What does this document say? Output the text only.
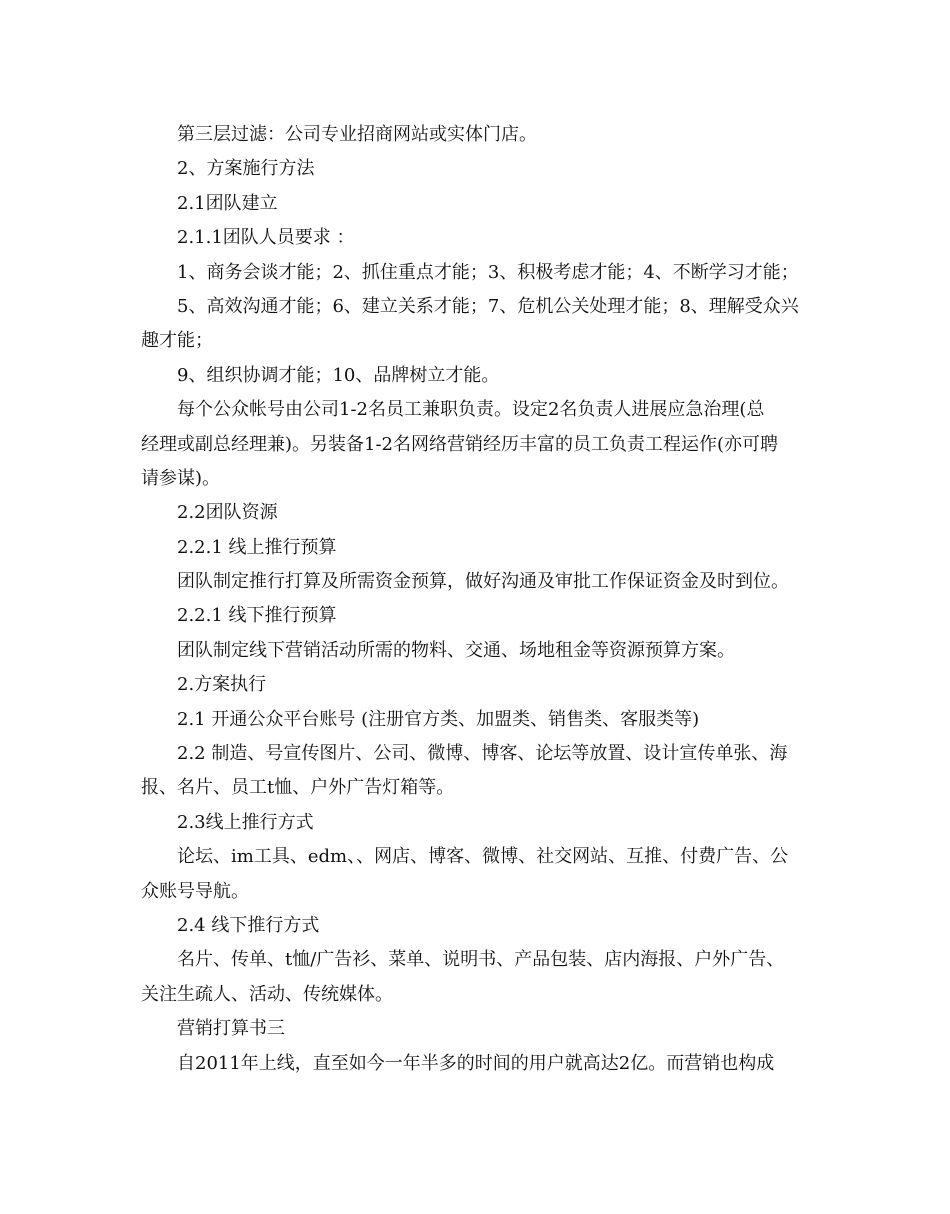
第三层过滤：公司专业招商网站或实体门店。
2、方案施行方法
2.1团队建立
2.1.1团队人员要求 ：
1、商务会谈才能；2、抓住重点才能；3、积极考虑才能；4、不断学习才能；
5、高效沟通才能；6、建立关系才能；7、危机公关处理才能；8、理解受众兴
趣才能；
9、组织协调才能；10、品牌树立才能。
每个公众帐号由公司1-2名员工兼职负责。设定2名负责人进展应急治理(总
经理或副总经理兼)。另装备1-2名网络营销经历丰富的员工负责工程运作(亦可聘
请参谋)。
2.2团队资源
2.2.1 线上推行预算
团队制定推行打算及所需资金预算，做好沟通及审批工作保证资金及时到位。
2.2.1 线下推行预算
团队制定线下营销活动所需的物料、交通、场地租金等资源预算方案。
2.方案执行
2.1 开通公众平台账号 (注册官方类、加盟类、销售类、客服类等)
2.2 制造、号宣传图片、公司、微博、博客、论坛等放置、设计宣传单张、海
报、名片、员工t恤、户外广告灯箱等。
2.3线上推行方式
论坛、im工具、edm、、网店、博客、微博、社交网站、互推、付费广告、公
众账号导航。
2.4 线下推行方式
名片、传单、t恤/广告衫、菜单、说明书、产品包装、店内海报、户外广告、
关注生疏人、活动、传统媒体。
营销打算书三
自2011年上线，直至如今一年半多的时间的用户就高达2亿。而营销也构成
